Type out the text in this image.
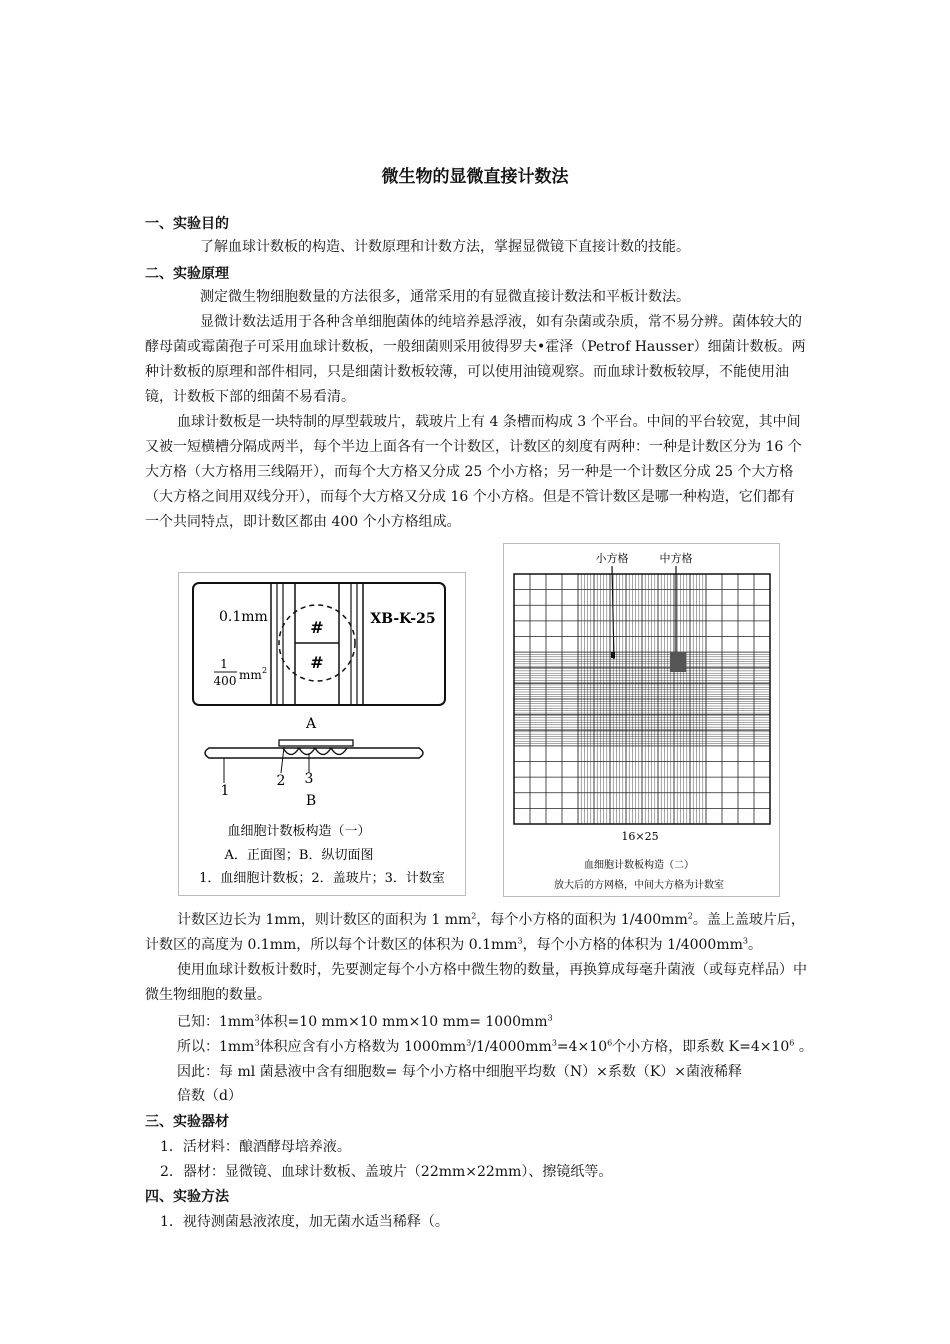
微生物的显微直接计数法
一、实验目的

了解血球计数板的构造、计数原理和计数方法，掌握显微镜下直接计数的技能。

二、实验原理

测定微生物细胞数量的方法很多，通常采用的有显微直接计数法和平板计数法。

显微计数法适用于各种含单细胞菌体的纯培养悬浮液，如有杂菌或杂质，常不易分辨。菌体较大的酵母菌或霉菌孢子可采用血球计数板，一般细菌则采用彼得罗夫•霍泽（Petrof Hausser）细菌计数板。两种计数板的原理和部件相同，只是细菌计数板较薄，可以使用油镜观察。而血球计数板较厚，不能使用油镜，计数板下部的细菌不易看清。

血球计数板是一块特制的厚型载玻片，载玻片上有 4 条槽而构成 3 个平台。中间的平台较宽，其中间又被一短横槽分隔成两半，每个半边上面各有一个计数区，计数区的刻度有两种：一种是计数区分为 16 个大方格（大方格用三线隔开），而每个大方格又分成 25 个小方格；另一种是一个计数区分成 25 个大方格（大方格之间用双线分开），而每个大方格又分成 16 个小方格。但是不管计数区是哪一种构造，它们都有一个共同特点，即计数区都由 400 个小方格组成。

0.1mm
#
#
XB-K-25
1
400 mm 2
A
1
2 3
B
血细胞计数板构造（一）
A．正面图；B．纵切面图
1．血细胞计数板；2．盖玻片；3．计数室
小方格	中方格
16×25
血细胞计数板构造（二）
放大后的方网格，中间大方格为计数室

计数区边长为 1mm，则计数区的面积为 1 $mm^2$，每个小方格的面积为 $1/400mm^2$。盖上盖玻片后，计数区的高度为 0.1mm，所以每个计数区的体积为 $0.1mm^3$，每个小方格的体积为 $1/4000mm^3$。

使用血球计数板计数时，先要测定每个小方格中微生物的数量，再换算成每毫升菌液（或每克样品）中微生物细胞的数量。

已知：$1mm^3$体积=10 mm×10 mm×10 $mm= 1000mm^3$
所以：$1mm^3$体积应含有小方格数为 $1000mm^3/1/4000mm^3=4\times 10^6$个小方格，即系数 $K=4\times 10^6$ 。
因此：每 ml 菌悬液中含有细胞数= 每个小方格中细胞平均数（N）×系数（K）×菌液稀释
倍数（d）
三、实验器材
1．活材料：酿酒酵母培养液。
2．器材：显微镜、血球计数板、盖玻片（22mm×22mm）、擦镜纸等。
四、实验方法
1．视待测菌悬液浓度，加无菌水适当稀释（。
